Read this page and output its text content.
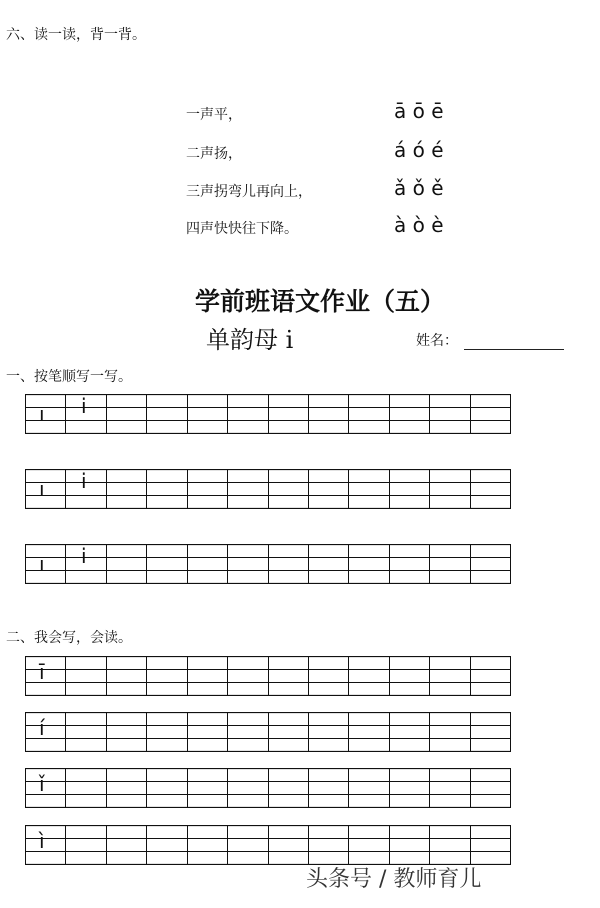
六、读一读，背一背。
一声平，	ā ō ē
二声扬，	á ó é
三声拐弯儿再向上，	ǎ ǒ ě
四声快快往下降。	à ò è
学前班语文作业（五）
单韵母 i	姓名：
一、按笔顺写一写。
ı i
ı i
ı i
二、我会写，会读。
ī
í
ǐ
ì
头条号 / 教师育儿
